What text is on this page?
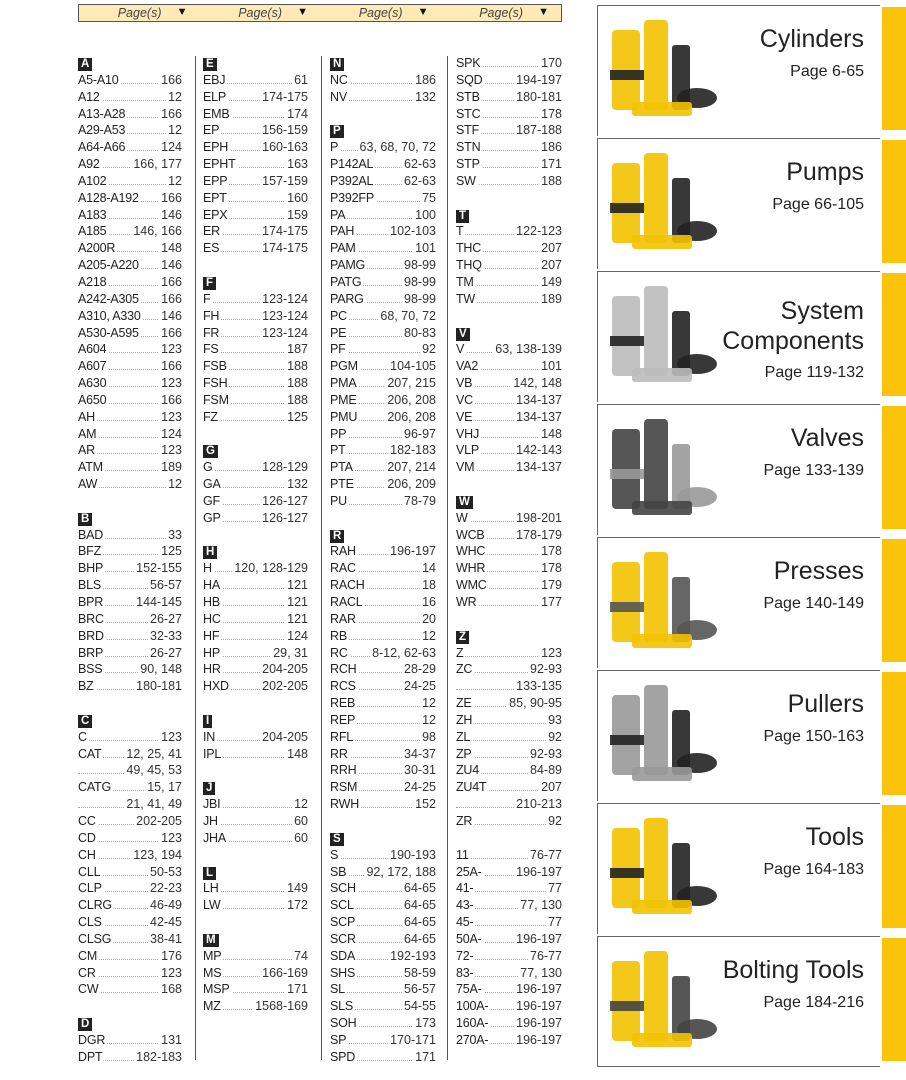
Page(s) ▼	Page(s) ▼	Page(s) ▼	Page(s) ▼
A
A5-A10	166
A12	12
A13-A28	166
A29-A53	12
A64-A66	124
A92	166, 177
A102	12
A128-A192 166
A183	146
A185 146, 166
A200R	148
A205-A220 146
A218	166
A242-A305 166
A310, A330 146
A530-A595 166
A604	123
A607	166
A630	123
A650	166
AH	123
AM	124
AR	123
ATM	189
AW	12
B
BAD	33
BFZ	125
BHP	152-155
BLS	56-57
BPR	144-145
BRC	26-27
BRD	32-33
BRP	26-27
BSS	90, 148
BZ	180-181
C
C	123
CAT 12, 25, 41
49, 45, 53
CATG	15, 17
21, 41, 49
CC	202-205
CD	123
CH	123, 194
CLL	50-53
CLP	22-23
CLRG	46-49
CLS	42-45
CLSG	38-41
CM	176
CR	123
CW	168
D
DGR	131
DPT	182-183
E
EBJ	61
ELP	174-175
EMB	174
EP	156-159
EPH	160-163
EPHT	163
EPP	157-159
EPT	160
EPX	159
ER	174-175
ES	174-175
F
F	123-124
FH	123-124
FR	123-124
FS	187
FSB	188
FSH	188
FSM	188
FZ	125
G
G	128-129
GA	132
GF	126-127
GP	126-127
H
H 120, 128-129
HA	121
HB	121
HC	121
HF	124
HP	29, 31
HR	204-205
HXD	202-205
I
IN	204-205
IPL	148
J
JBI	12
JH	60
JHA	60
L
LH	149
LW	172
M
MP	74
MS	166-169
MSP	171
MZ	1568-169
N
NC	186
NV	132
P
P 63, 68, 70, 72
P142AL 62-63
P392AL 62-63
P392FP	75
PA	100
PAH	102-103
PAM	101
PAMG	98-99
PATG	98-99
PARG	98-99
PC	68, 70, 72
PE	80-83
PF	92
PGM	104-105
PMA 207, 215
PME 206, 208
PMU 206, 208
PP	96-97
PT	182-183
PTA	207, 214
PTE	206, 209
PU	78-79
R
RAH	196-197
RAC	14
RACH	18
RACL	16
RAR	20
RB	12
RC 8-12, 62-63
RCH	28-29
RCS	24-25
REB	12
REP	12
RFL	98
RR	34-37
RRH	30-31
RSM	24-25
RWH	152
S
S	190-193
SB 92, 172, 188
SCH	64-65
SCL	64-65
SCP	64-65
SCR	64-65
SDA	192-193
SHS	58-59
SL	56-57
SLS	54-55
SOH	173
SP	170-171
SPD	171
SPK	170
SQD	194-197
STB	180-181
STC	178
STF	187-188
STN	186
STP	171
SW	188
T
T	122-123
THC	207
THQ	207
TM	149
TW	189
V
V 63, 138-139
VA2	101
VB	142, 148
VC	134-137
VE	134-137
VHJ	148
VLP	142-143
VM	134-137
W
W	198-201
WCB	178-179
WHC	178
WHR	178
WMC	179
WR	177
Z
Z	123
ZC	92-93
133-135
ZE	85, 90-95
ZH	93
ZL	92
ZP	92-93
ZU4	84-89
ZU4T	207
210-213
ZR	92
11	76-77
25A-	196-197
41-	77
43-	77, 130
45-	77
50A-	196-197
72-	76-77
83-	77, 130
75A-	196-197
100A- 196-197
160A- 196-197
270A- 196-197
Cylinders
Page 6-65
Pumps
Page 66-105
System
Components
Page 119-132
Valves
Page 133-139
Presses
Page 140-149
Pullers
Page 150-163
Tools
Page 164-183
Bolting Tools
Page 184-216
